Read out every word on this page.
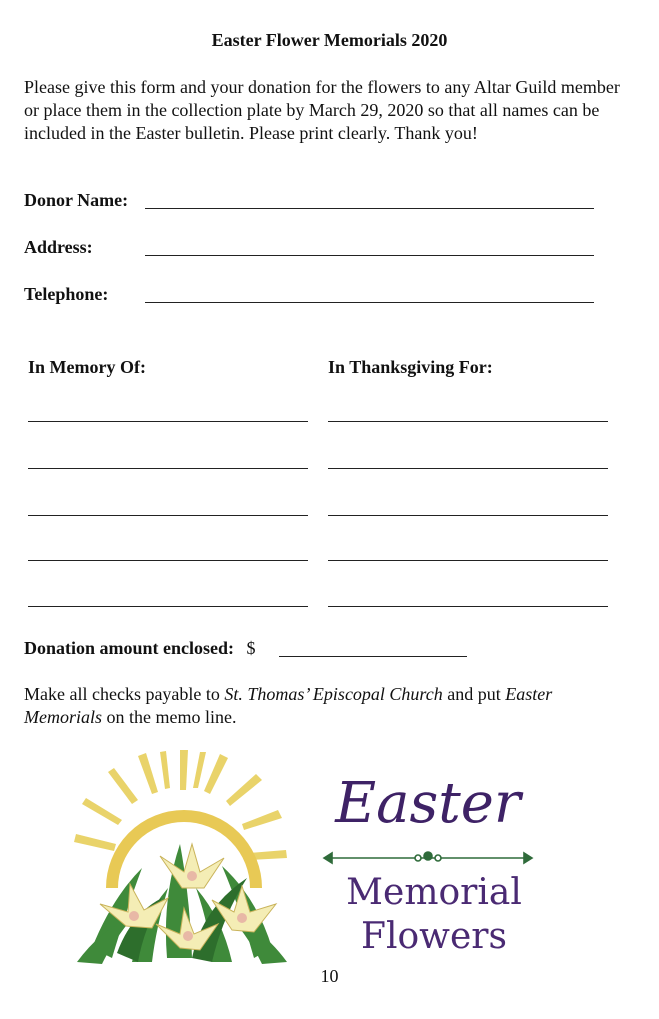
Easter Flower Memorials 2020
Please give this form and your donation for the flowers to any Altar Guild member or place them in the collection plate by March 29, 2020 so that all names can be included in the Easter bulletin. Please print clearly. Thank you!
Donor Name:
Address:
Telephone:
In Memory Of:	In Thanksgiving For:
Donation amount enclosed: $
Make all checks payable to St. Thomas’ Episcopal Church and put Easter Memorials on the memo line.
Easter
Memorial
Flowers
10
